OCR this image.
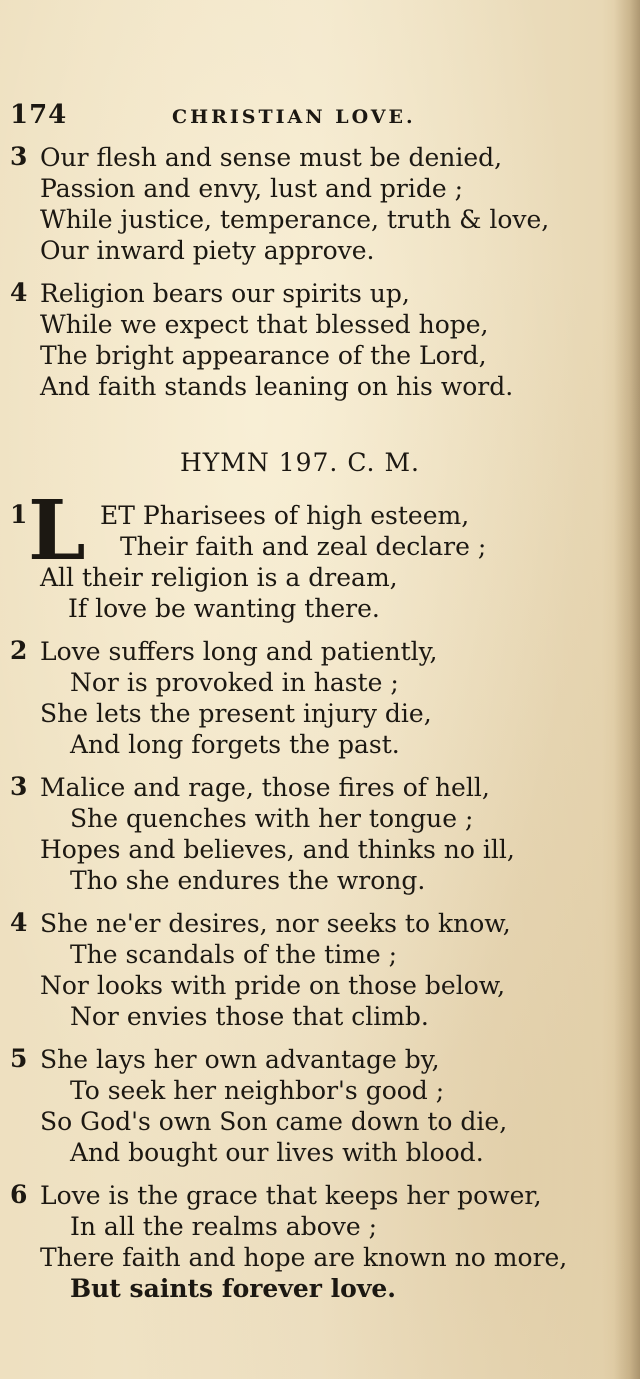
174	CHRISTIAN LOVE.
3 Our flesh and sense must be denied,
Passion and envy, lust and pride ;
While justice, temperance, truth & love,
Our inward piety approve.
4 Religion bears our spirits up,
While we expect that blessed hope,
The bright appearance of the Lord,
And faith stands leaning on his word.
HYMN 197. C. M.
1 L ET Pharisees of high esteem,
Their faith and zeal declare ;
All their religion is a dream,
If love be wanting there.
2 Love suffers long and patiently,
Nor is provoked in haste ;
She lets the present injury die,
And long forgets the past.
3 Malice and rage, those fires of hell,
She quenches with her tongue ;
Hopes and believes, and thinks no ill,
Tho she endures the wrong.
4 She ne'er desires, nor seeks to know,
The scandals of the time ;
Nor looks with pride on those below,
Nor envies those that climb.
5 She lays her own advantage by,
To seek her neighbor's good ;
So God's own Son came down to die,
And bought our lives with blood.
6 Love is the grace that keeps her power,
In all the realms above ;
There faith and hope are known no more,
But saints forever love.
